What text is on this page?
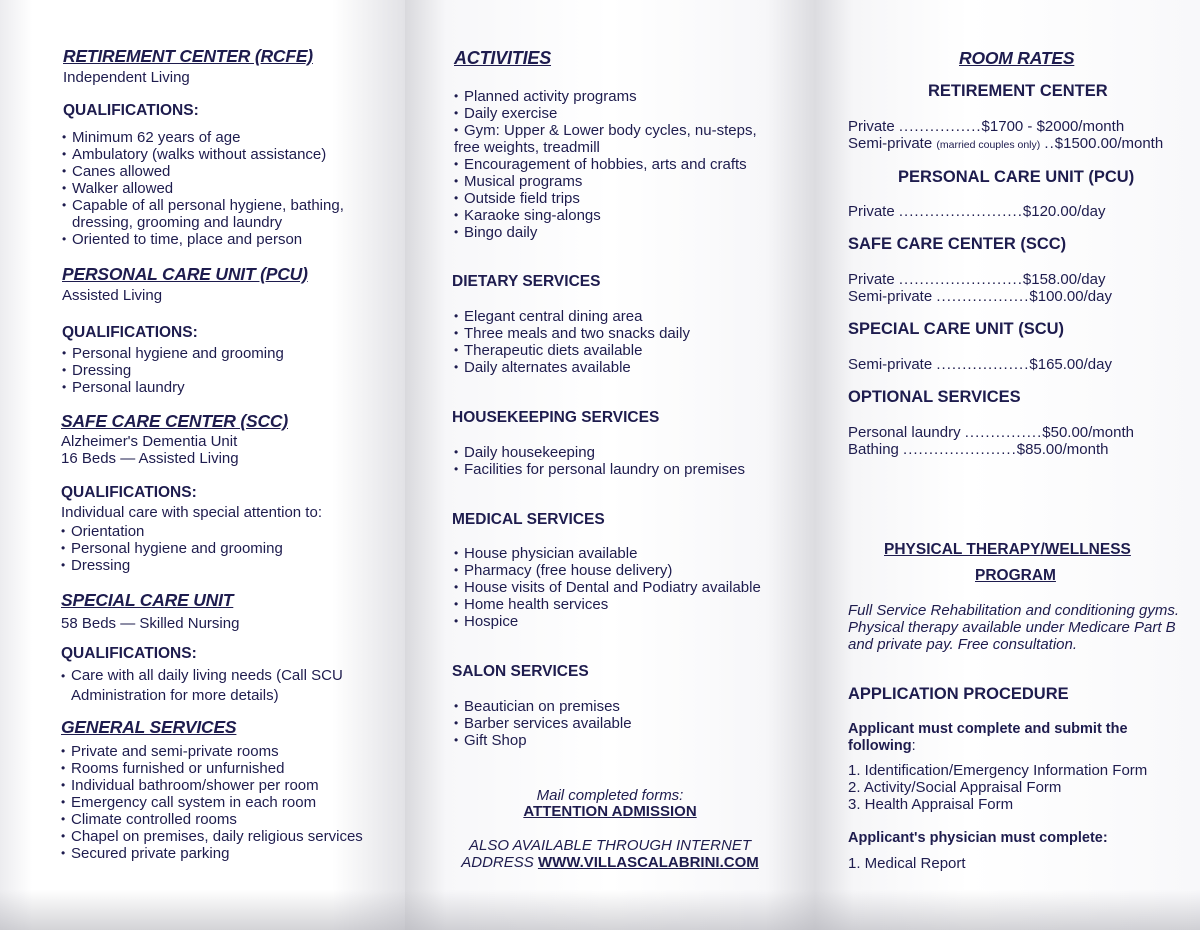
RETIREMENT CENTER (RCFE)
Independent Living
QUALIFICATIONS:
• Minimum 62 years of age
• Ambulatory (walks without assistance)
• Canes allowed
• Walker allowed
• Capable of all personal hygiene, bathing,
dressing, grooming and laundry
• Oriented to time, place and person
PERSONAL CARE UNIT (PCU)
Assisted Living
QUALIFICATIONS:
• Personal hygiene and grooming
• Dressing
• Personal laundry
SAFE CARE CENTER (SCC)
Alzheimer's Dementia Unit
16 Beds — Assisted Living
QUALIFICATIONS:
Individual care with special attention to:
• Orientation
• Personal hygiene and grooming
• Dressing
SPECIAL CARE UNIT
58 Beds — Skilled Nursing
QUALIFICATIONS:
• Care with all daily living needs (Call SCU
Administration for more details)
GENERAL SERVICES
• Private and semi-private rooms
• Rooms furnished or unfurnished
• Individual bathroom/shower per room
• Emergency call system in each room
• Climate controlled rooms
• Chapel on premises, daily religious services
• Secured private parking
ACTIVITIES
• Planned activity programs
• Daily exercise
• Gym: Upper & Lower body cycles, nu-steps,
free weights, treadmill
• Encouragement of hobbies, arts and crafts
• Musical programs
• Outside field trips
• Karaoke sing-alongs
• Bingo daily
DIETARY SERVICES
• Elegant central dining area
• Three meals and two snacks daily
• Therapeutic diets available
• Daily alternates available
HOUSEKEEPING SERVICES
• Daily housekeeping
• Facilities for personal laundry on premises
MEDICAL SERVICES
• House physician available
• Pharmacy (free house delivery)
• House visits of Dental and Podiatry available
• Home health services
• Hospice
SALON SERVICES
• Beautician on premises
• Barber services available
• Gift Shop
Mail completed forms:
ATTENTION ADMISSION
ALSO AVAILABLE THROUGH INTERNET
ADDRESS WWW.VILLASCALABRINI.COM
ROOM RATES
RETIREMENT CENTER
Private ................$1700 - $2000/month
Semi-private (married couples only) ..$1500.00/month
PERSONAL CARE UNIT (PCU)
Private ........................$120.00/day
SAFE CARE CENTER (SCC)
Private ........................$158.00/day
Semi-private ..................$100.00/day
SPECIAL CARE UNIT (SCU)
Semi-private ..................$165.00/day
OPTIONAL SERVICES
Personal laundry ...............$50.00/month
Bathing ......................$85.00/month
PHYSICAL THERAPY/WELLNESS
PROGRAM
Full Service Rehabilitation and conditioning gyms.
Physical therapy available under Medicare Part B
and private pay. Free consultation.
APPLICATION PROCEDURE
Applicant must complete and submit the
following:
1. Identification/Emergency Information Form
2. Activity/Social Appraisal Form
3. Health Appraisal Form
Applicant's physician must complete:
1. Medical Report
